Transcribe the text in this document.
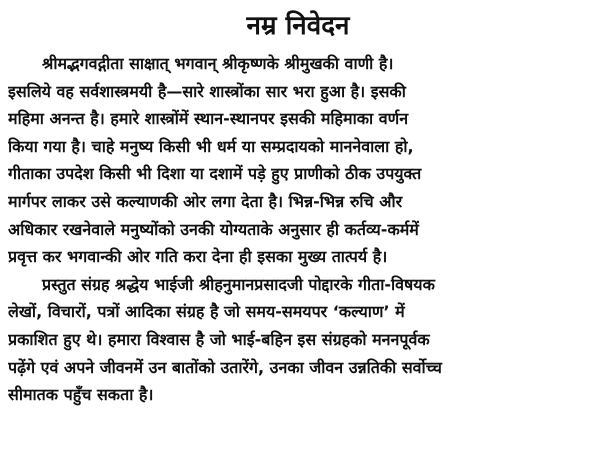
नम्र निवेदन

श्रीमद्भगवद्गीता साक्षात् भगवान् श्रीकृष्णके श्रीमुखकी वाणी है।
इसलिये वह सर्वशास्त्रमयी है—सारे शास्त्रोंका सार भरा हुआ है। इसकी
महिमा अनन्त है। हमारे शास्त्रोंमें स्थान-स्थानपर इसकी महिमाका वर्णन
किया गया है। चाहे मनुष्य किसी भी धर्म या सम्प्रदायको माननेवाला हो,
गीताका उपदेश किसी भी दिशा या दशामें पड़े हुए प्राणीको ठीक उपयुक्त
मार्गपर लाकर उसे कल्याणकी ओर लगा देता है। भिन्न-भिन्न रुचि और
अधिकार रखनेवाले मनुष्योंको उनकी योग्यताके अनुसार ही कर्तव्य-कर्ममें
प्रवृत्त कर भगवान्की ओर गति करा देना ही इसका मुख्य तात्पर्य है।

प्रस्तुत संग्रह श्रद्धेय भाईजी श्रीहनुमानप्रसादजी पोद्दारके गीता-विषयक
लेखों, विचारों, पत्रों आदिका संग्रह है जो समय-समयपर ‘कल्याण’ में
प्रकाशित हुए थे। हमारा विश्वास है जो भाई-बहिन इस संग्रहको मननपूर्वक
पढ़ेंगे एवं अपने जीवनमें उन बातोंको उतारेंगे, उनका जीवन उन्नतिकी सर्वोच्च
सीमातक पहुँच सकता है।
